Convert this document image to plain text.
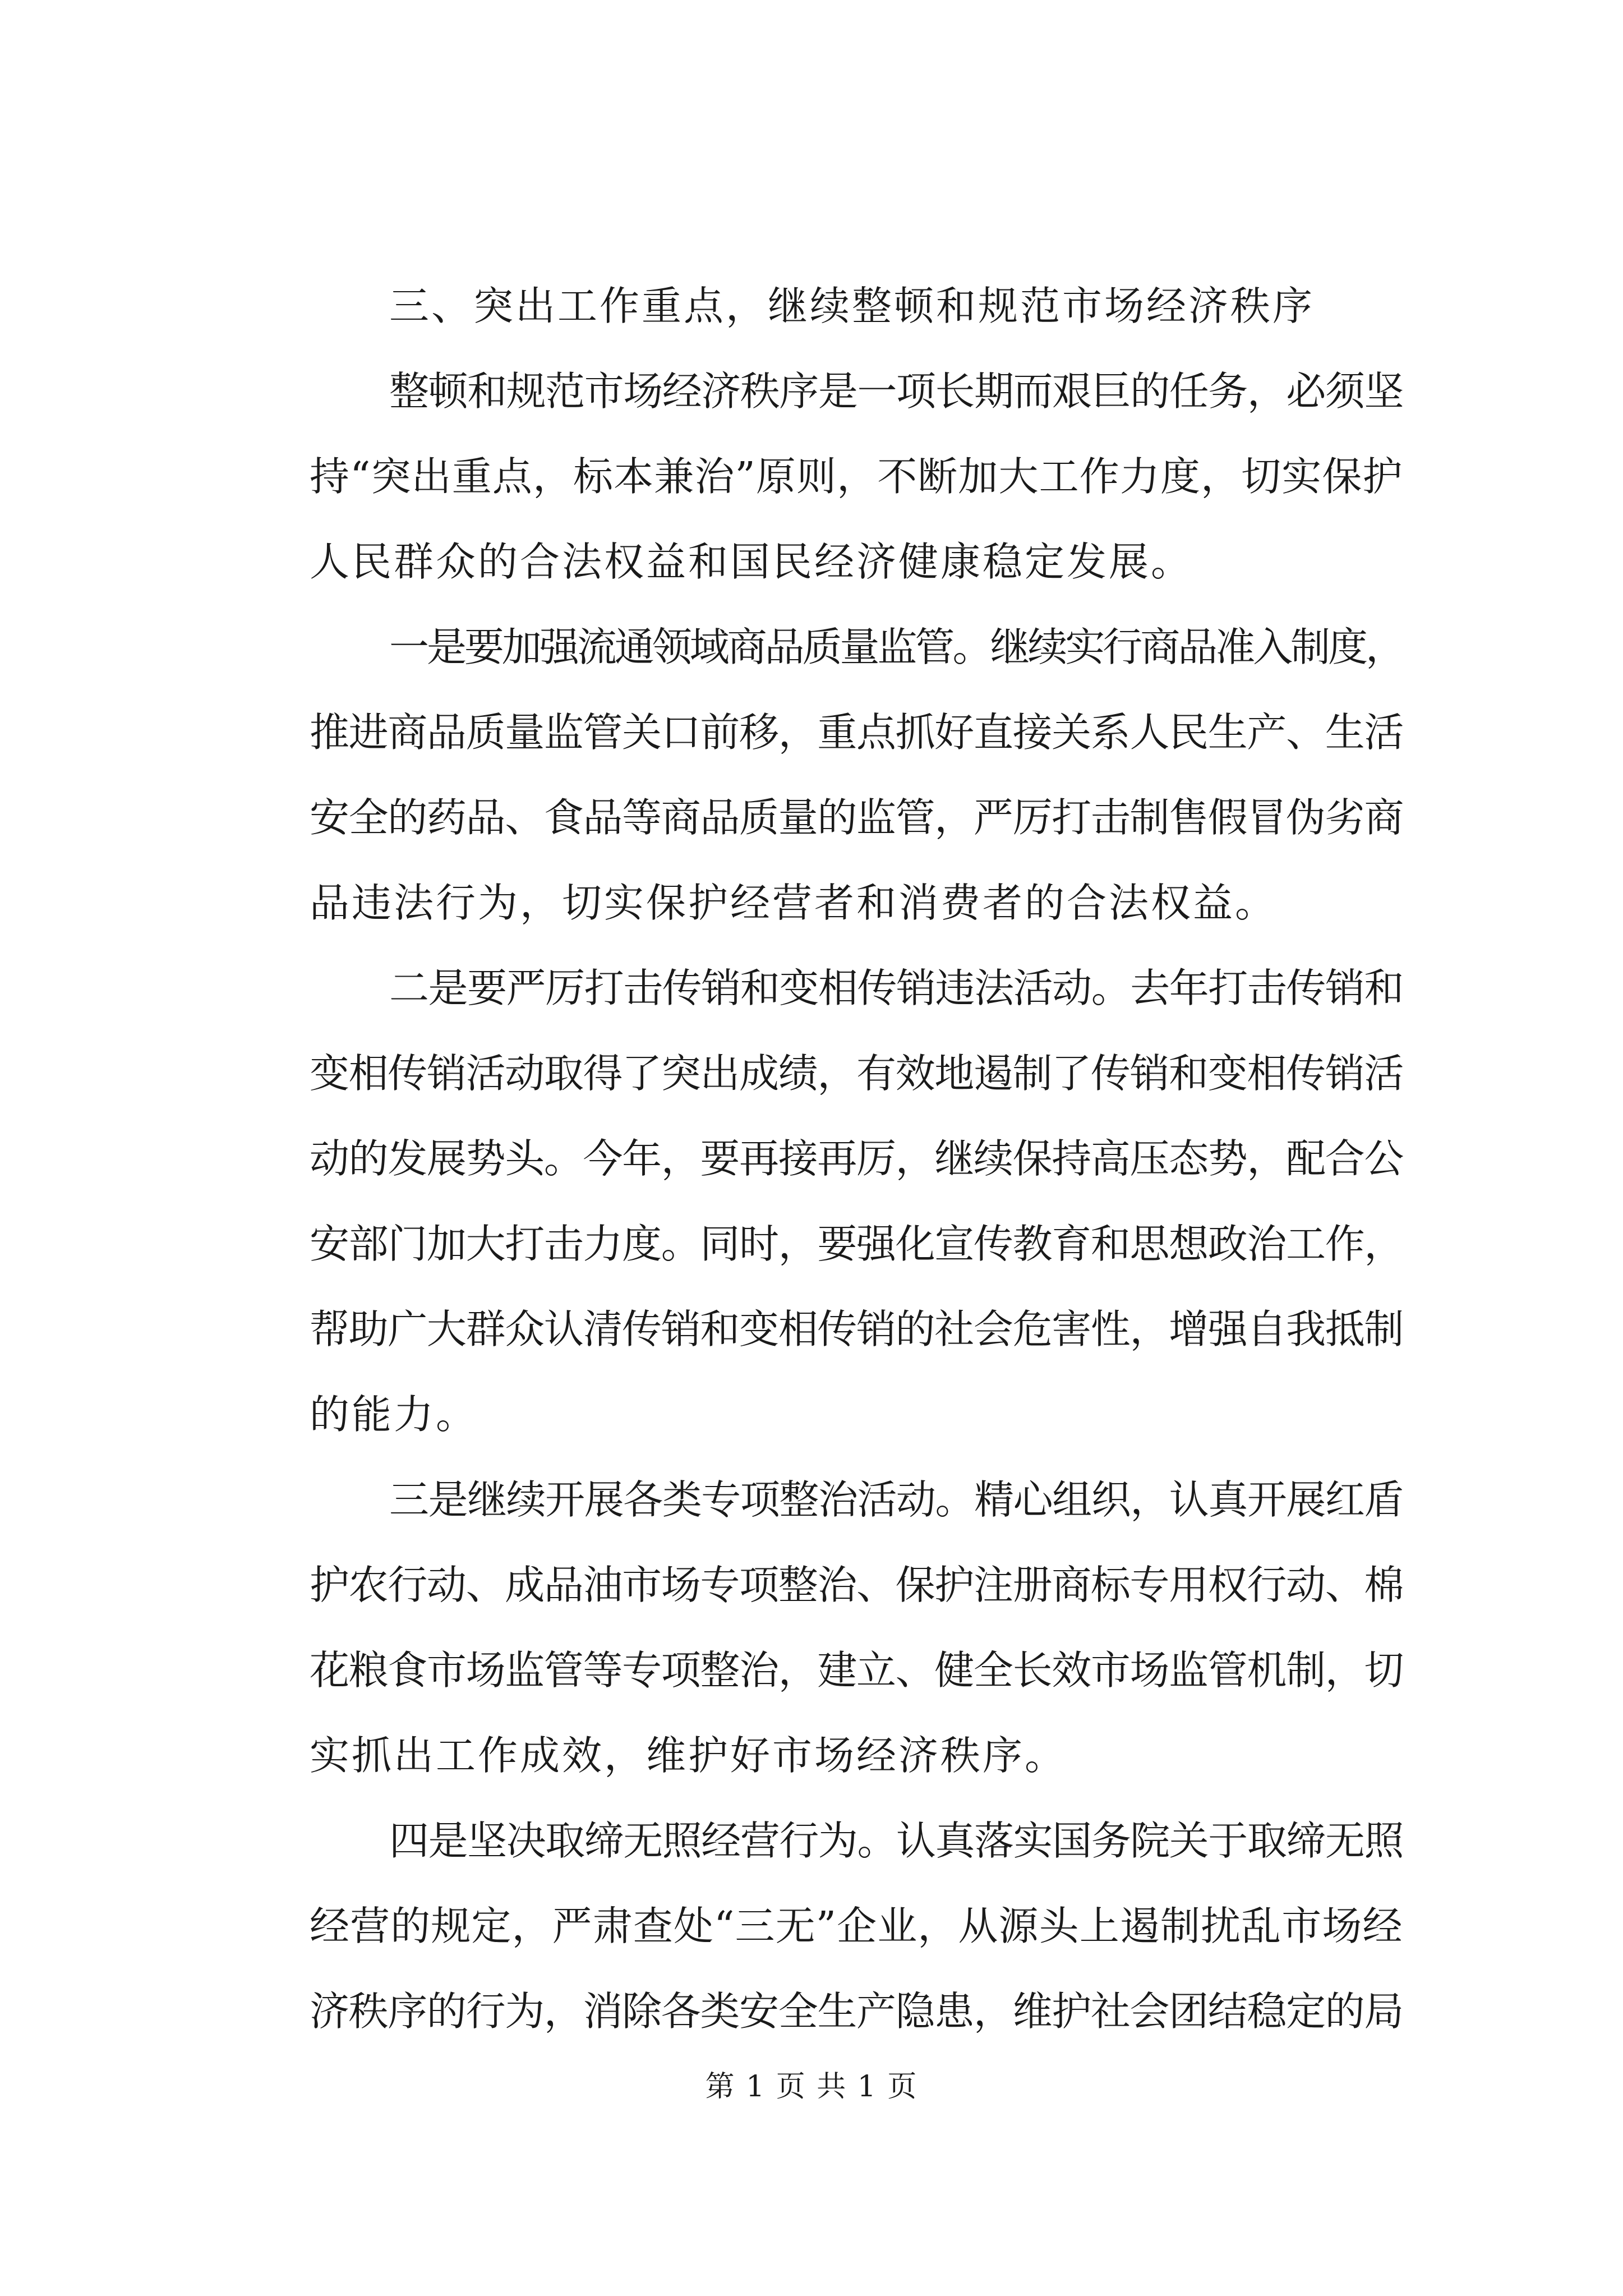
三、突出工作重点，继续整顿和规范市场经济秩序
整顿和规范市场经济秩序是一项长期而艰巨的任务，必须坚
持“突出重点，标本兼治”原则，不断加大工作力度，切实保护
人民群众的合法权益和国民经济健康稳定发展。
一是要加强流通领域商品质量监管。继续实行商品准入制度，
推进商品质量监管关口前移，重点抓好直接关系人民生产、生活
安全的药品、食品等商品质量的监管，严厉打击制售假冒伪劣商
品违法行为，切实保护经营者和消费者的合法权益。
二是要严厉打击传销和变相传销违法活动。去年打击传销和
变相传销活动取得了突出成绩，有效地遏制了传销和变相传销活
动的发展势头。今年，要再接再厉，继续保持高压态势，配合公
安部门加大打击力度。同时，要强化宣传教育和思想政治工作，
帮助广大群众认清传销和变相传销的社会危害性，增强自我抵制
的能力。
三是继续开展各类专项整治活动。精心组织，认真开展红盾
护农行动、成品油市场专项整治、保护注册商标专用权行动、棉
花粮食市场监管等专项整治，建立、健全长效市场监管机制，切
实抓出工作成效，维护好市场经济秩序。
四是坚决取缔无照经营行为。认真落实国务院关于取缔无照
经营的规定，严肃查处“三无”企业，从源头上遏制扰乱市场经
济秩序的行为，消除各类安全生产隐患，维护社会团结稳定的局
第 1 页 共 1 页
